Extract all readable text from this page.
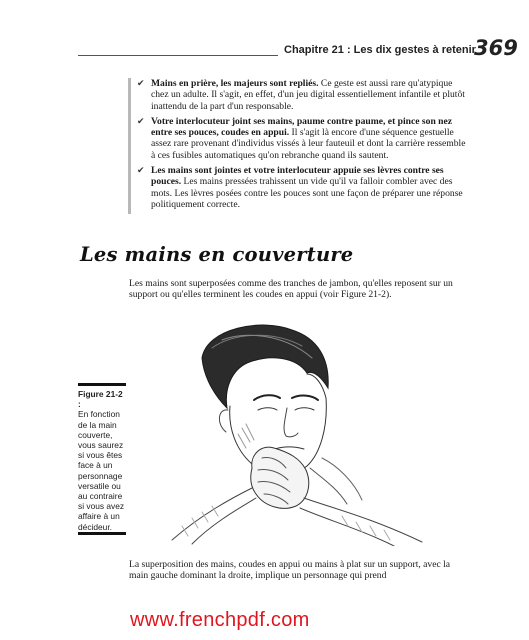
Chapitre 21 : Les dix gestes à retenir
369
✔ Mains en prière, les majeurs sont repliés. Ce geste est aussi rare qu'atypique chez un adulte. Il s'agit, en effet, d'un jeu digital essentiellement infantile et plutôt inattendu de la part d'un responsable.
✔ Votre interlocuteur joint ses mains, paume contre paume, et pince son nez entre ses pouces, coudes en appui. Il s'agit là encore d'une séquence gestuelle assez rare provenant d'individus vissés à leur fauteuil et dont la carrière ressemble à ces fusibles automatiques qu'on rebranche quand ils sautent.
✔ Les mains sont jointes et votre interlocuteur appuie ses lèvres contre ses pouces. Les mains pressées trahissent un vide qu'il va falloir combler avec des mots. Les lèvres posées contre les pouces sont une façon de préparer une réponse politiquement correcte.
Les mains en couverture
Les mains sont superposées comme des tranches de jambon, qu'elles reposent sur un support ou qu'elles terminent les coudes en appui (voir Figure 21-2).
Figure 21-2 :
En fonction de la main couverte, vous saurez si vous êtes face à un personnage versatile ou au contraire si vous avez affaire à un décideur.
La superposition des mains, coudes en appui ou mains à plat sur un support, avec la main gauche dominant la droite, implique un personnage qui prend
www.frenchpdf.com
